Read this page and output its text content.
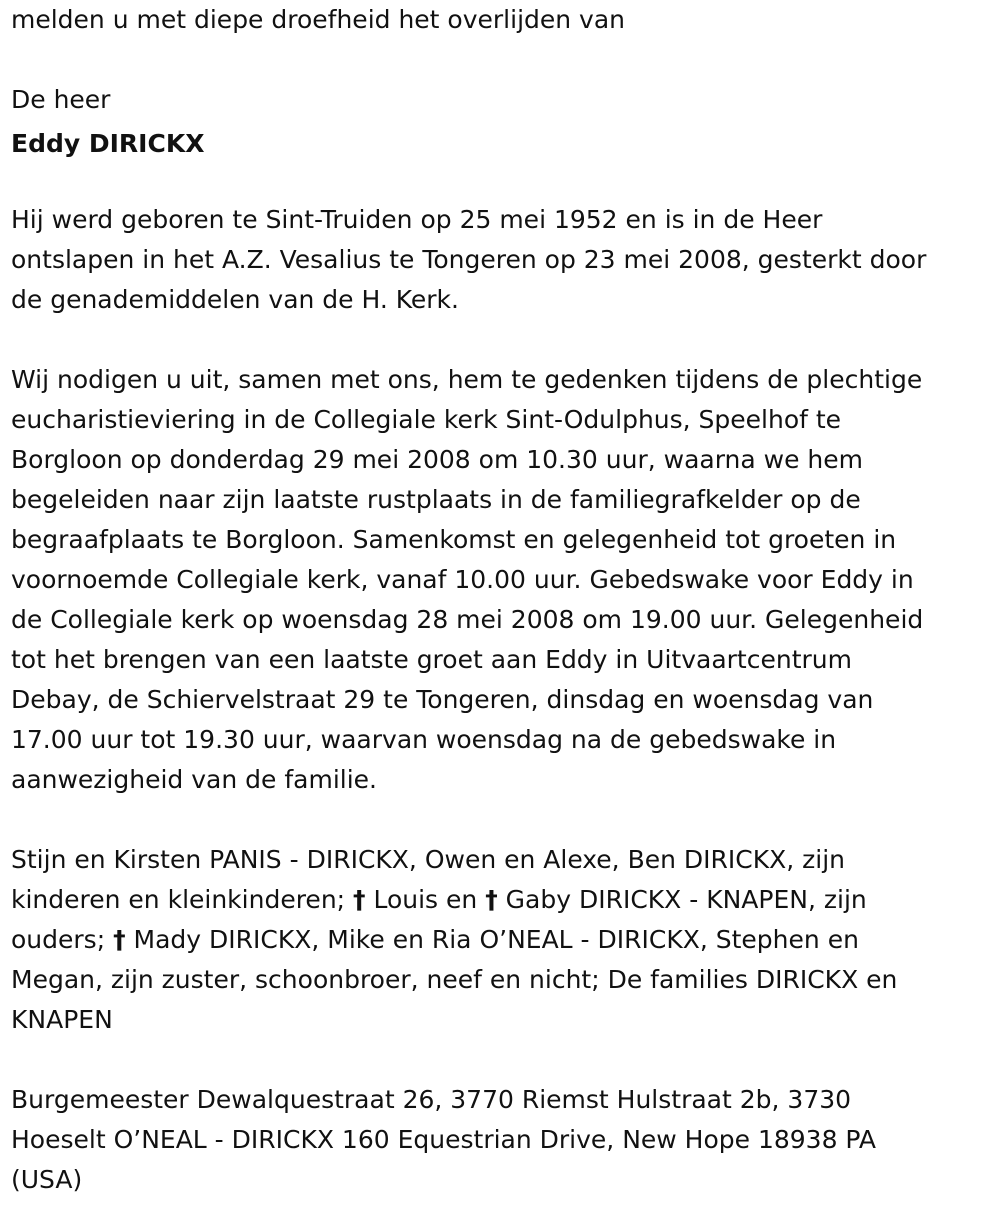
melden u met diepe droefheid het overlijden van
De heer
Eddy DIRICKX
Hij werd geboren te Sint-Truiden op 25 mei 1952 en is in de Heer
ontslapen in het A.Z. Vesalius te Tongeren op 23 mei 2008, gesterkt door
de genademiddelen van de H. Kerk.
Wij nodigen u uit, samen met ons, hem te gedenken tijdens de plechtige
eucharistieviering in de Collegiale kerk Sint-Odulphus, Speelhof te
Borgloon op donderdag 29 mei 2008 om 10.30 uur, waarna we hem
begeleiden naar zijn laatste rustplaats in de familiegrafkelder op de
begraafplaats te Borgloon. Samenkomst en gelegenheid tot groeten in
voornoemde Collegiale kerk, vanaf 10.00 uur. Gebedswake voor Eddy in
de Collegiale kerk op woensdag 28 mei 2008 om 19.00 uur. Gelegenheid
tot het brengen van een laatste groet aan Eddy in Uitvaartcentrum
Debay, de Schiervelstraat 29 te Tongeren, dinsdag en woensdag van
17.00 uur tot 19.30 uur, waarvan woensdag na de gebedswake in
aanwezigheid van de familie.
Stijn en Kirsten PANIS - DIRICKX, Owen en Alexe, Ben DIRICKX, zijn
kinderen en kleinkinderen; † Louis en † Gaby DIRICKX - KNAPEN, zijn
ouders; † Mady DIRICKX, Mike en Ria O’NEAL - DIRICKX, Stephen en
Megan, zijn zuster, schoonbroer, neef en nicht; De families DIRICKX en
KNAPEN
Burgemeester Dewalquestraat 26, 3770 Riemst Hulstraat 2b, 3730
Hoeselt O’NEAL - DIRICKX 160 Equestrian Drive, New Hope 18938 PA
(USA)
